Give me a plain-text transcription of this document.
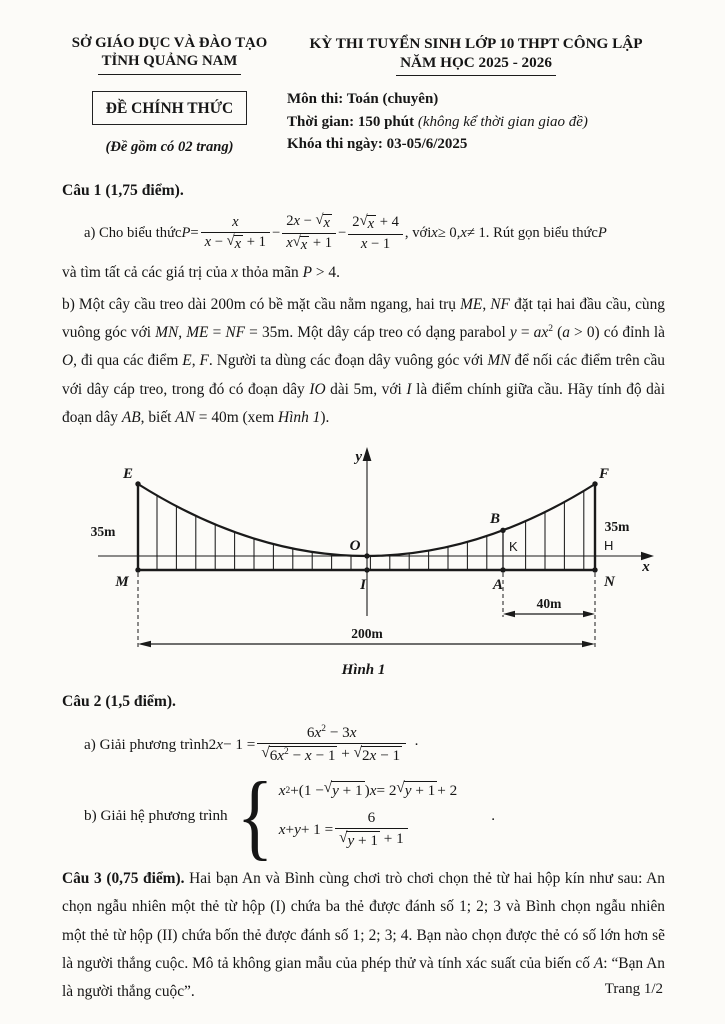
SỞ GIÁO DỤC VÀ ĐÀO TẠO
TỈNH QUẢNG NAM
ĐỀ CHÍNH THỨC
(Đề gồm có 02 trang)
KỲ THI TUYỂN SINH LỚP 10 THPT CÔNG LẬP
NĂM HỌC 2025 - 2026
Môn thi: Toán (chuyên)
Thời gian: 150 phút (không kể thời gian giao đề)
Khóa thi ngày: 03-05/6/2025
Câu 1 (1,75 điểm).
a) Cho biểu thức $P = \frac{x}{x - √ x + 1} - \frac{2x - √ x}{x √ x + 1} - \frac{2 √ x + 4}{x - 1}$ , với x ≥ 0, x ≠ 1. Rút gọn biểu thức P
và tìm tất cả các giá trị của x thỏa mãn P > 4.

b) Một cây cầu treo dài 200m có bề mặt cầu nằm ngang, hai trụ ME, NF đặt tại hai đầu cầu, cùng vuông góc với MN, ME = NF = 35m. Một dây cáp treo có dạng parabol $y = ax^2$ (a > 0) có đỉnh là O, đi qua các điểm E, F. Người ta dùng các đoạn dây vuông góc với MN để nối các điểm trên cầu với dây cáp treo, trong đó có đoạn dây IO dài 5m, với I là điểm chính giữa cầu. Hãy tính độ dài đoạn dây AB, biết AN = 40m (xem Hình 1).

E	F
B
K	H
O
I
M	A	N
y
x
35m	35m
40m
200m
Hình 1
Câu 2 (1,5 điểm).
a) Giải phương trình 2 $x - 1 = \frac{6x^2 - 3x}{√ 6x^2 - x - 1 + √ 2x - 1}$ ·
b) Giải hệ phương trình { x 2 + (1 − √ y + 1 ) x = 2 √ y + 1 + 2
$x + y + 1 = \frac{6}{√ y + 1 + 1}$	.

Câu 3 (0,75 điểm). Hai bạn An và Bình cùng chơi trò chơi chọn thẻ từ hai hộp kín như sau: An chọn ngẫu nhiên một thẻ từ hộp (I) chứa ba thẻ được đánh số 1; 2; 3 và Bình chọn ngẫu nhiên một thẻ từ hộp (II) chứa bốn thẻ được đánh số 1; 2; 3; 4. Bạn nào chọn được thẻ có số lớn hơn sẽ là người thắng cuộc. Mô tả không gian mẫu của phép thử và tính xác suất của biến cố A: “Bạn An là người thắng cuộc”.	Trang 1/2
